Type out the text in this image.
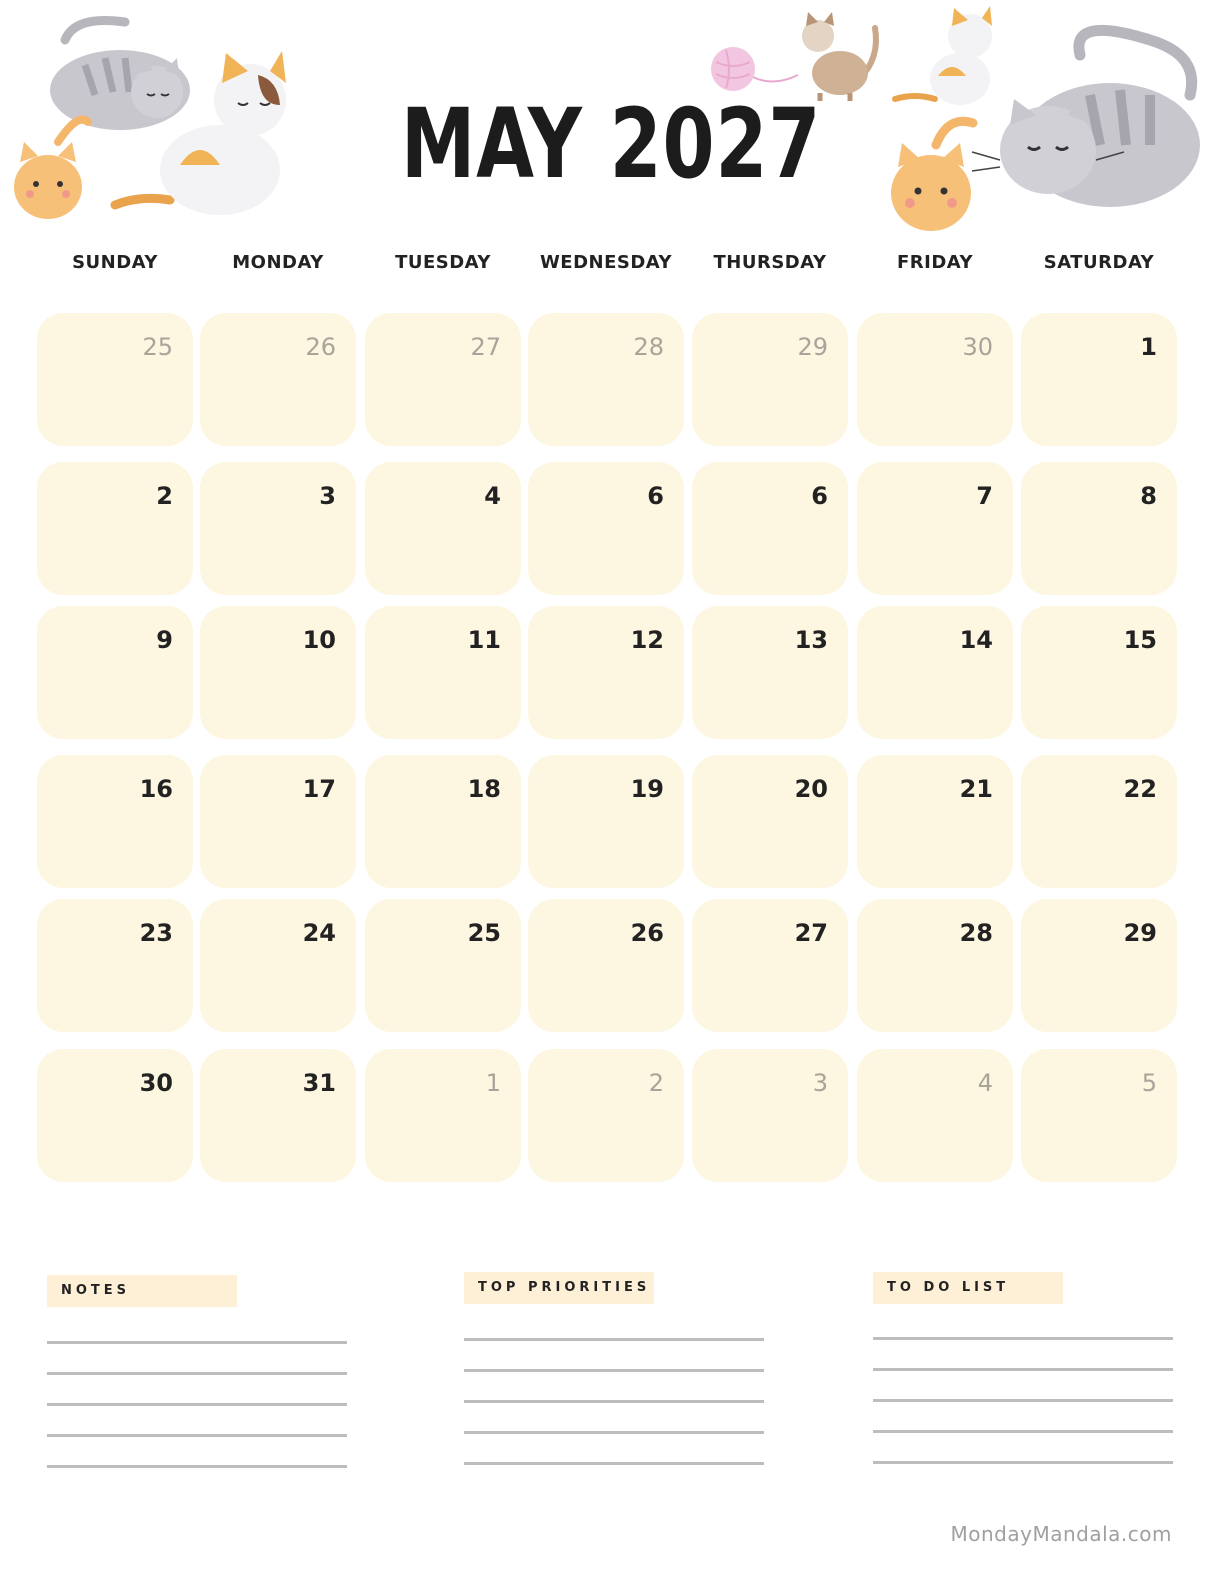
MAY 2027
SUNDAY	MONDAY	TUESDAY	WEDNESDAY	THURSDAY	FRIDAY	SATURDAY
25	26	27	28	29	30	1
2	3	4	6	6	7	8
9	10	11	12	13	14	15
16	17	18	19	20	21	22
23	24	25	26	27	28	29
30	31	1	2	3	4	5
NOTES	TOP PRIORITIES	TO DO LIST
MondayMandala.com
